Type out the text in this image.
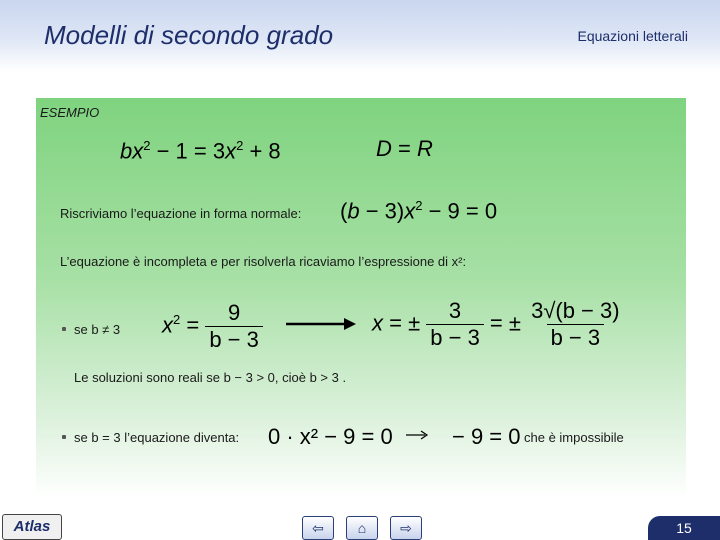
Modelli di secondo grado	Equazioni letterali
ESEMPIO
$bx^2 - 1 = 3x^2 + 8$	D = R
Riscriviamo l’equazione in forma normale: $(b - 3)x^2 - 9 = 0$
L’equazione è incompleta e per risolverla ricaviamo l’espressione di x²:
se b ≠ 3 $x^2 = \frac{9}{b - 3}$	x = ± $\frac{3}{b - 3}$ = ± $\frac{3√(b - 3)}{b - 3}$
Le soluzioni sono reali se b − 3 > 0, cioè b > 3 .
se b = 3 l’equazione diventa: 0 · x² − 9 = 0	− 9 = 0 che è impossibile
Atlas	⇦	⌂	⇨	15
